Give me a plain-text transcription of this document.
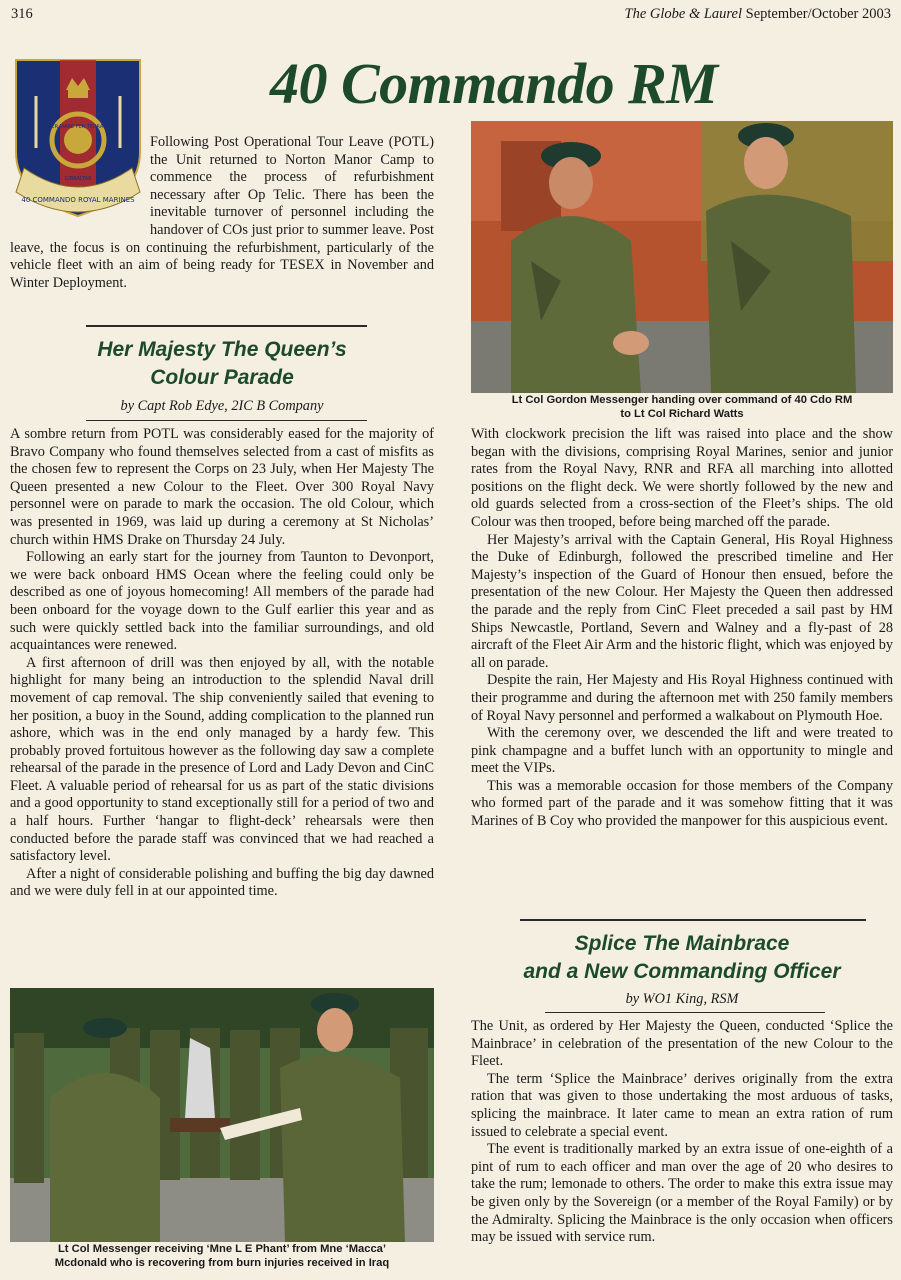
316	The Globe & Laurel September/October 2003
40 Commando RM
PER MARE PER TERRAM
GIBRALTAR
40 COMMANDO ROYAL MARINES

Following Post Operational Tour Leave (POTL) the Unit returned to Norton Manor Camp to commence the process of refurbishment necessary after Op Telic. There has been the inevitable turnover of personnel including the handover of COs just prior to summer leave. Post leave, the focus is on continuing the refurbishment, particularly of the vehicle fleet with an aim of being ready for TESEX in November and Winter Deployment.

Her Majesty The Queen’s
Colour Parade
by Capt Rob Edye, 2IC B Company

A sombre return from POTL was considerably eased for the majority of Bravo Company who found themselves selected from a cast of misfits as the chosen few to represent the Corps on 23 July, when Her Majesty The Queen presented a new Colour to the Fleet. Over 300 Royal Navy personnel were on parade to mark the occasion. The old Colour, which was presented in 1969, was laid up during a ceremony at St Nicholas’ church within HMS Drake on Thursday 24 July.

Following an early start for the journey from Taunton to Devonport, we were back onboard HMS Ocean where the feeling could only be described as one of joyous homecoming! All members of the parade had been onboard for the voyage down to the Gulf earlier this year and as such were quickly settled back into the familiar surroundings, and old acquaintances were renewed.

A first afternoon of drill was then enjoyed by all, with the notable highlight for many being an introduction to the splendid Naval drill movement of cap removal. The ship conveniently sailed that evening to her position, a buoy in the Sound, adding complication to the planned run ashore, which was in the end only managed by a hardy few. This probably proved fortuitous however as the following day saw a complete rehearsal of the parade in the presence of Lord and Lady Devon and CinC Fleet. A valuable period of rehearsal for us as part of the static divisions and a good opportunity to stand exceptionally still for a period of two and a half hours. Further ‘hangar to flight-deck’ rehearsals were then conducted before the parade staff was convinced that we had reached a satisfactory level.

After a night of considerable polishing and buffing the big day dawned and we were duly fell in at our appointed time.

Lt Col Gordon Messenger handing over command of 40 Cdo RM
to Lt Col Richard Watts

With clockwork precision the lift was raised into place and the show began with the divisions, comprising Royal Marines, senior and junior rates from the Royal Navy, RNR and RFA all marching into allotted positions on the flight deck. We were shortly followed by the new and old guards selected from a cross-section of the Fleet’s ships. The old Colour was then trooped, before being marched off the parade.

Her Majesty’s arrival with the Captain General, His Royal Highness the Duke of Edinburgh, followed the prescribed timeline and Her Majesty’s inspection of the Guard of Honour then ensued, before the presentation of the new Colour. Her Majesty the Queen then addressed the parade and the reply from CinC Fleet preceded a sail past by HM Ships Newcastle, Portland, Severn and Walney and a fly-past of 28 aircraft of the Fleet Air Arm and the historic flight, which was enjoyed by all on parade.

Despite the rain, Her Majesty and His Royal Highness continued with their programme and during the afternoon met with 250 family members of Royal Navy personnel and performed a walkabout on Plymouth Hoe.

With the ceremony over, we descended the lift and were treated to pink champagne and a buffet lunch with an opportunity to mingle and meet the VIPs.

This was a memorable occasion for those members of the Company who formed part of the parade and it was somehow fitting that it was Marines of B Coy who provided the manpower for this auspicious event.

Splice The Mainbrace
and a New Commanding Officer
by WO1 King, RSM

The Unit, as ordered by Her Majesty the Queen, conducted ‘Splice the Mainbrace’ in celebration of the presentation of the new Colour to the Fleet.

The term ‘Splice the Mainbrace’ derives originally from the extra ration that was given to those undertaking the most arduous of tasks, splicing the mainbrace. It later came to mean an extra ration of rum issued to celebrate a special event.

The event is traditionally marked by an extra issue of one-eighth of a pint of rum to each officer and man over the age of 20 who desires to take the rum; lemonade to others. The order to make this extra issue may be given only by the Sovereign (or a member of the Royal Family) or by the Admiralty. Splicing the Mainbrace is the only occasion when officers may be issued with service rum.

Lt Col Messenger receiving ‘Mne L E Phant’ from Mne ‘Macca’
Mcdonald who is recovering from burn injuries received in Iraq
